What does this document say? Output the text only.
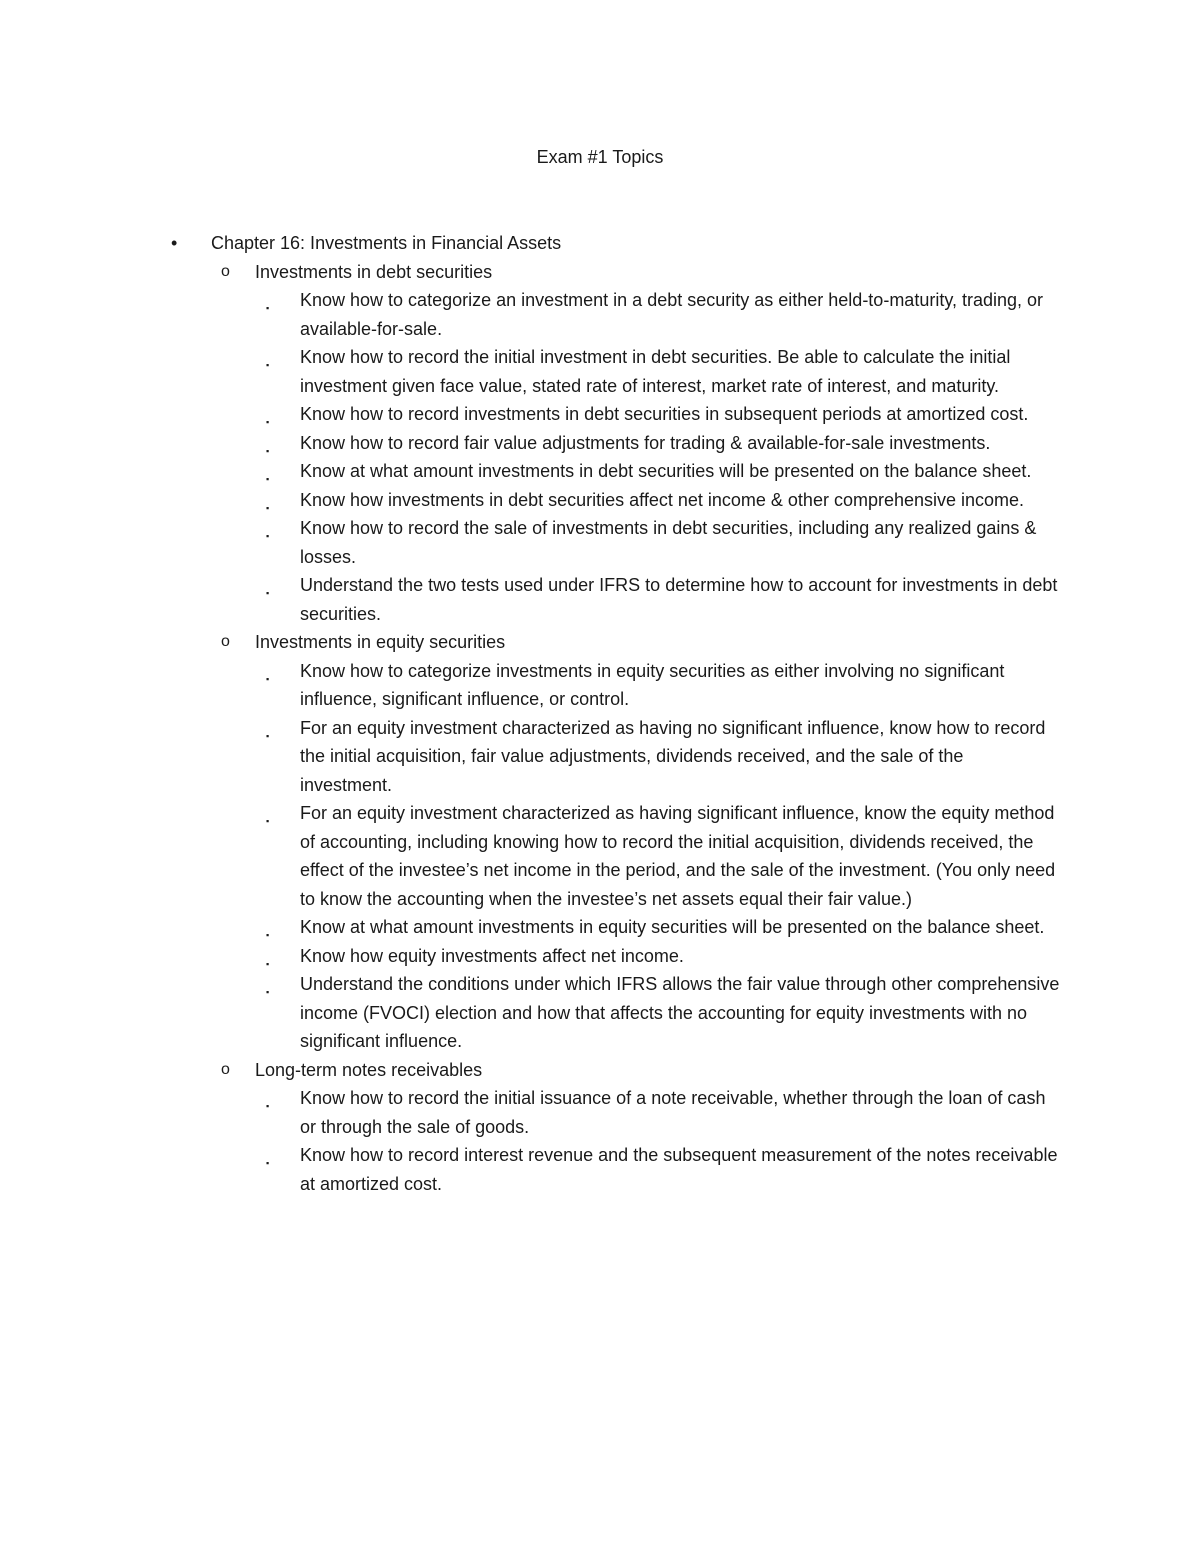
Exam #1 Topics
• Chapter 16: Investments in Financial Assets
o Investments in debt securities
▪ Know how to categorize an investment in a debt security as either held-to-maturity, trading, or available-for-sale.
▪ Know how to record the initial investment in debt securities. Be able to calculate the initial investment given face value, stated rate of interest, market rate of interest, and maturity.
▪ Know how to record investments in debt securities in subsequent periods at amortized cost.
▪ Know how to record fair value adjustments for trading & available-for-sale investments.
▪ Know at what amount investments in debt securities will be presented on the balance sheet.
▪ Know how investments in debt securities affect net income & other comprehensive income.
▪ Know how to record the sale of investments in debt securities, including any realized gains & losses.
▪ Understand the two tests used under IFRS to determine how to account for investments in debt securities.
o Investments in equity securities
▪ Know how to categorize investments in equity securities as either involving no significant influence, significant influence, or control.
▪ For an equity investment characterized as having no significant influence, know how to record the initial acquisition, fair value adjustments, dividends received, and the sale of the investment.
▪ For an equity investment characterized as having significant influence, know the equity method of accounting, including knowing how to record the initial acquisition, dividends received, the effect of the investee’s net income in the period, and the sale of the investment. (You only need to know the accounting when the investee’s net assets equal their fair value.)
▪ Know at what amount investments in equity securities will be presented on the balance sheet.
▪ Know how equity investments affect net income.
▪ Understand the conditions under which IFRS allows the fair value through other comprehensive income (FVOCI) election and how that affects the accounting for equity investments with no significant influence.
o Long-term notes receivables
▪ Know how to record the initial issuance of a note receivable, whether through the loan of cash or through the sale of goods.
▪ Know how to record interest revenue and the subsequent measurement of the notes receivable at amortized cost.
